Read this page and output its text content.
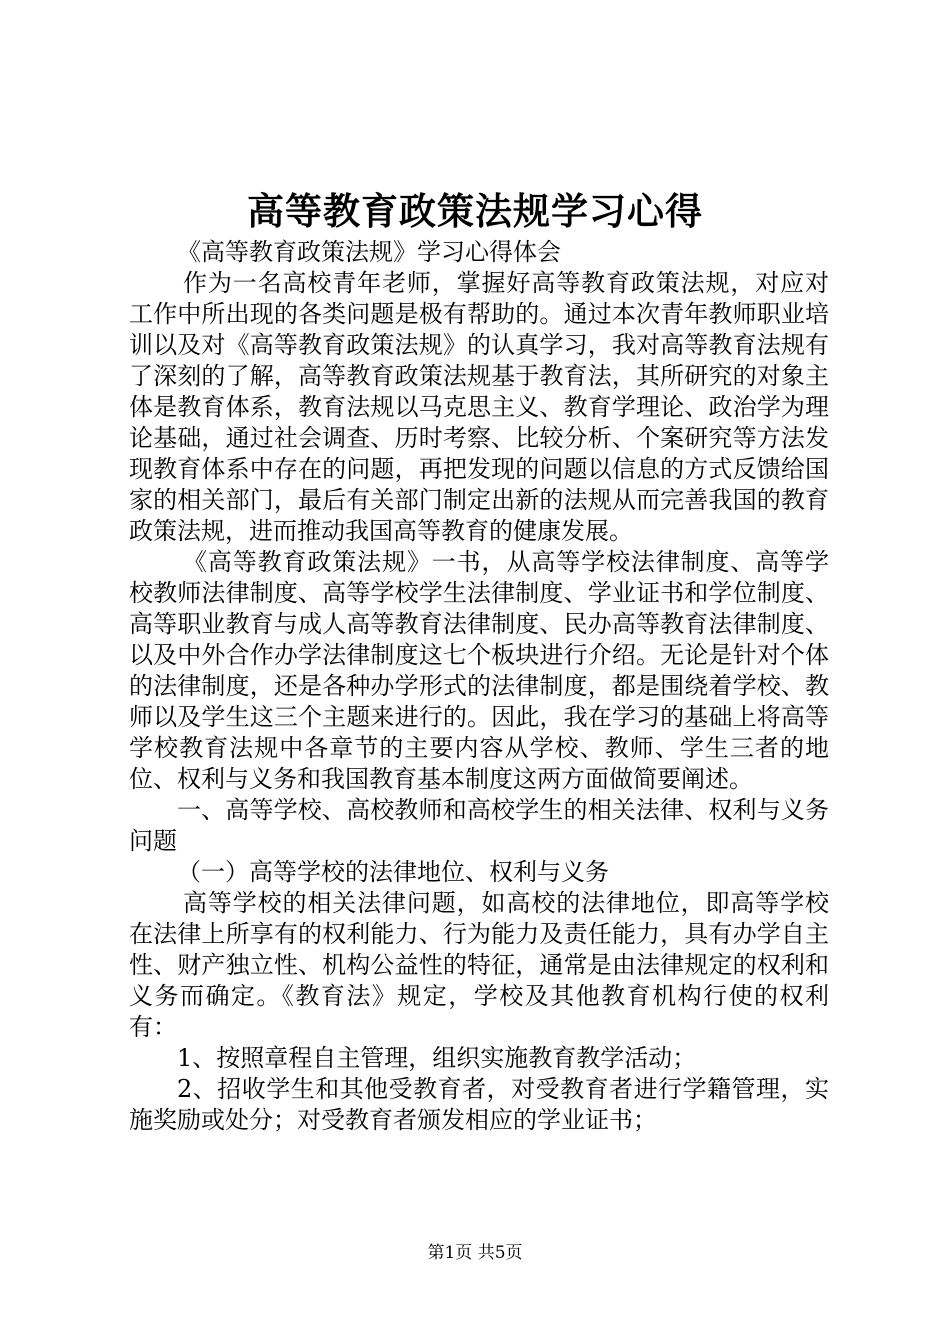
高等教育政策法规学习心得

《高等教育政策法规》学习心得体会

作为一名高校青年老师，掌握好高等教育政策法规，对应对工作中所出现的各类问题是极有帮助的。通过本次青年教师职业培训以及对《高等教育政策法规》的认真学习，我对高等教育法规有了深刻的了解，高等教育政策法规基于教育法，其所研究的对象主体是教育体系，教育法规以马克思主义、教育学理论、政治学为理论基础，通过社会调查、历时考察、比较分析、个案研究等方法发现教育体系中存在的问题，再把发现的问题以信息的方式反馈给国家的相关部门，最后有关部门制定出新的法规从而完善我国的教育政策法规，进而推动我国高等教育的健康发展。

《高等教育政策法规》一书，从高等学校法律制度、高等学校教师法律制度、高等学校学生法律制度、学业证书和学位制度、高等职业教育与成人高等教育法律制度、民办高等教育法律制度、以及中外合作办学法律制度这七个板块进行介绍。无论是针对个体的法律制度，还是各种办学形式的法律制度，都是围绕着学校、教师以及学生这三个主题来进行的。因此，我在学习的基础上将高等学校教育法规中各章节的主要内容从学校、教师、学生三者的地位、权利与义务和我国教育基本制度这两方面做简要阐述。

一、高等学校、高校教师和高校学生的相关法律、权利与义务问题

（一）高等学校的法律地位、权利与义务

高等学校的相关法律问题，如高校的法律地位，即高等学校在法律上所享有的权利能力、行为能力及责任能力，具有办学自主性、财产独立性、机构公益性的特征，通常是由法律规定的权利和义务而确定。《教育法》规定，学校及其他教育机构行使的权利有：

1、按照章程自主管理，组织实施教育教学活动；

2、招收学生和其他受教育者，对受教育者进行学籍管理，实施奖励或处分；对受教育者颁发相应的学业证书；

第1页 共5页
